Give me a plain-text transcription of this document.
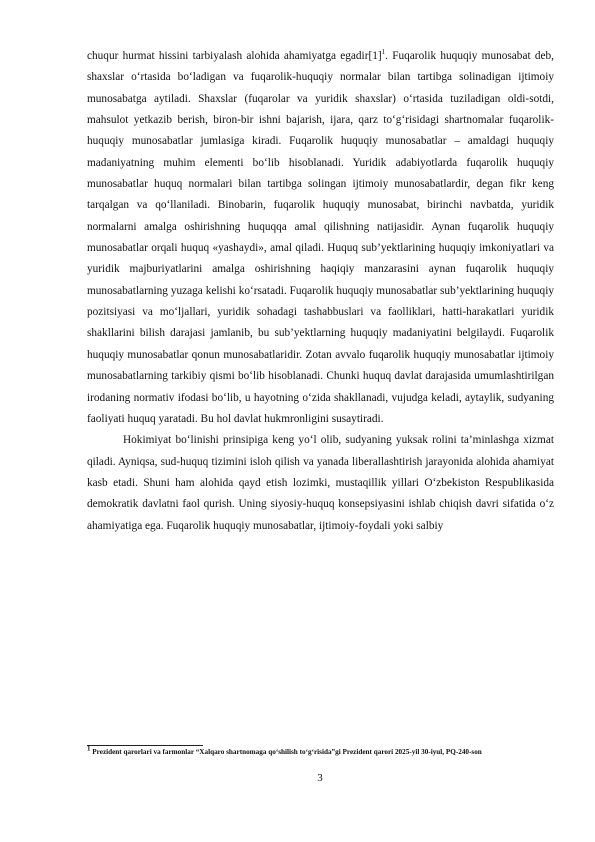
chuqur hurmat hissini tarbiyalash alohida ahamiyatga $egadir[1]^1$. Fuqarolik huquqiy munosabat deb, shaxslar o‘rtasida bo‘ladigan va fuqarolik-huquqiy normalar bilan tartibga solinadigan ijtimoiy munosabatga aytiladi. Shaxslar (fuqarolar va yuridik shaxslar) o‘rtasida tuziladigan oldi-sotdi, mahsulot yetkazib berish, biron-bir ishni bajarish, ijara, qarz to‘g‘risidagi shartnomalar fuqarolik-huquqiy munosabatlar jumlasiga kiradi. Fuqarolik huquqiy munosabatlar – amaldagi huquqiy madaniyatning muhim elementi bo‘lib hisoblanadi. Yuridik adabiyotlarda fuqarolik huquqiy munosabatlar huquq normalari bilan tartibga solingan ijtimoiy munosabatlardir, degan fikr keng tarqalgan va qo‘llaniladi. Binobarin, fuqarolik huquqiy munosabat, birinchi navbatda, yuridik normalarni amalga oshirishning huquqqa amal qilishning natijasidir. Aynan fuqarolik huquqiy munosabatlar orqali huquq «yashaydi», amal qiladi. Huquq sub’yektlarining huquqiy imkoniyatlari va yuridik majburiyatlarini amalga oshirishning haqiqiy manzarasini aynan fuqarolik huquqiy munosabatlarning yuzaga kelishi ko‘rsatadi. Fuqarolik huquqiy munosabatlar sub’yektlarining huquqiy pozitsiyasi va mo‘ljallari, yuridik sohadagi tashabbuslari va faolliklari, hatti-harakatlari yuridik shakllarini bilish darajasi jamlanib, bu sub’yektlarning huquqiy madaniyatini belgilaydi. Fuqarolik huquqiy munosabatlar qonun munosabatlaridir. Zotan avvalo fuqarolik huquqiy munosabatlar ijtimoiy munosabatlarning tarkibiy qismi bo‘lib hisoblanadi. Chunki huquq davlat darajasida umumlashtirilgan irodaning normativ ifodasi bo‘lib, u hayotning o‘zida shakllanadi, vujudga keladi, aytaylik, sudyaning faoliyati huquq yaratadi. Bu hol davlat hukmronligini susaytiradi.

Hokimiyat bo‘linishi prinsipiga keng yo‘l olib, sudyaning yuksak rolini ta’minlashga xizmat qiladi. Ayniqsa, sud-huquq tizimini isloh qilish va yanada liberallashtirish jarayonida alohida ahamiyat kasb etadi. Shuni ham alohida qayd etish lozimki, mustaqillik yillari O‘zbekiston Respublikasida demokratik davlatni faol qurish. Uning siyosiy-huquq konsepsiyasini ishlab chiqish davri sifatida o‘z ahamiyatiga ega. Fuqarolik huquqiy munosabatlar, ijtimoiy-foydali yoki salbiy

$^1$ Prezident qarorlari va farmonlar “Xalqaro shartnomaga qo‘shilish to‘g‘risida”gi Prezident qarori 2025-yil 30-iyul, PQ-240-son
3
